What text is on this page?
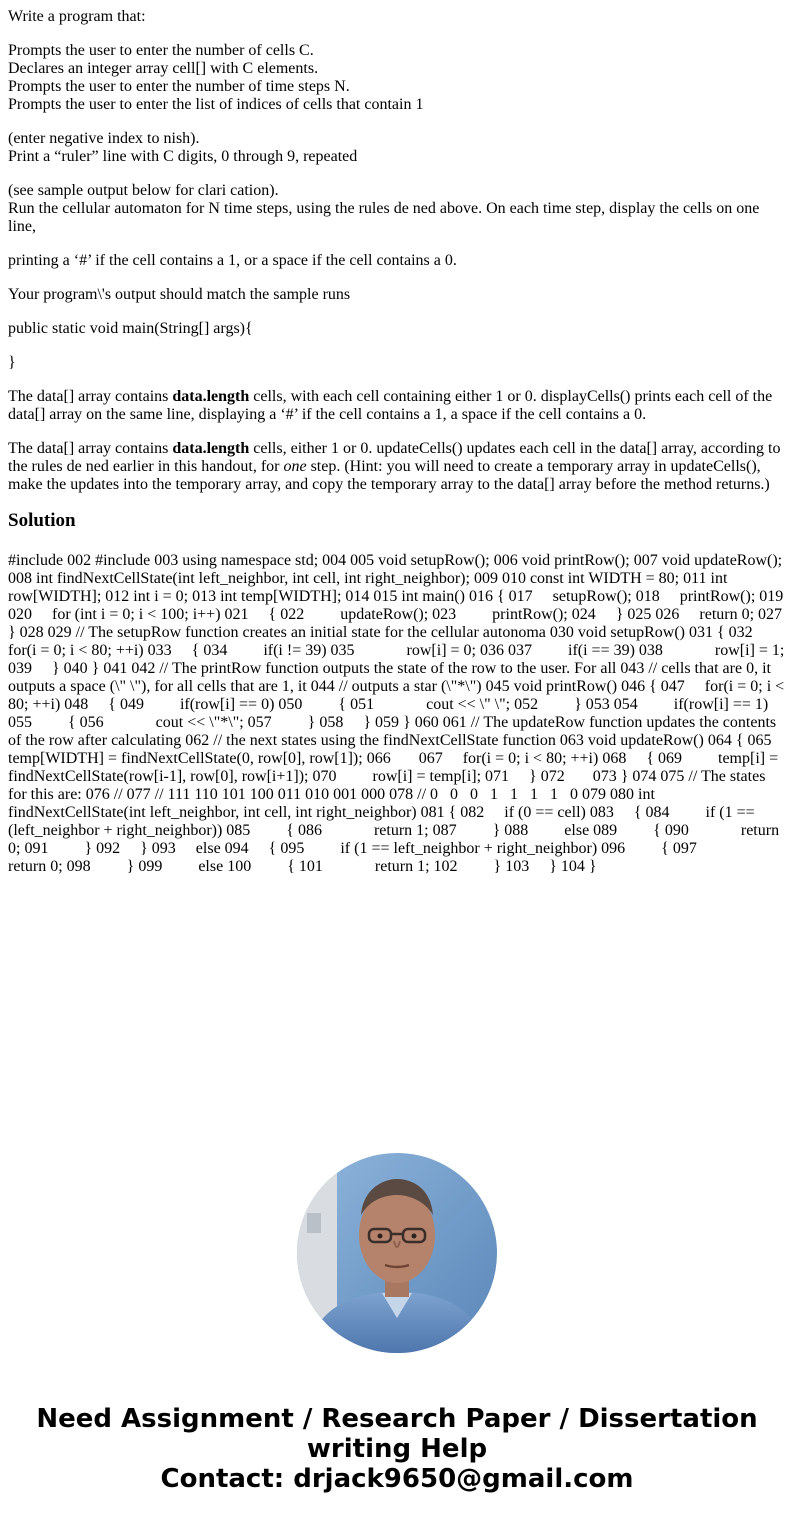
Write a program that:

Prompts the user to enter the number of cells C.
Declares an integer array cell[] with C elements.
Prompts the user to enter the number of time steps N.
Prompts the user to enter the list of indices of cells that contain 1

(enter negative index to nish).
Print a “ruler” line with C digits, 0 through 9, repeated

(see sample output below for clari cation).
Run the cellular automaton for N time steps, using the rules de ned above. On each time step, display the cells on one line,

printing a ‘#’ if the cell contains a 1, or a space if the cell contains a 0.

Your program\'s output should match the sample runs

public static void main(String[] args){

}

The data[] array contains data.length cells, with each cell containing either 1 or 0. displayCells() prints each cell of the data[] array on the same line, displaying a ‘#’ if the cell contains a 1, a space if the cell contains a 0.

The data[] array contains data.length cells, either 1 or 0. updateCells() updates each cell in the data[] array, according to the rules de ned earlier in this handout, for one step. (Hint: you will need to create a temporary array in updateCells(), make the updates into the temporary array, and copy the temporary array to the data[] array before the method returns.)

Solution

#include 002 #include 003 using namespace std; 004 005 void setupRow(); 006 void printRow(); 007 void updateRow(); 008 int findNextCellState(int left_neighbor, int cell, int right_neighbor); 009 010 const int WIDTH = 80; 011 int row[WIDTH]; 012 int i = 0; 013 int temp[WIDTH]; 014 015 int main() 016 { 017     setupRow(); 018     printRow(); 019 020     for (int i = 0; i < 100; i++) 021     { 022         updateRow(); 023         printRow(); 024     } 025 026     return 0; 027 } 028 029 // The setupRow function creates an initial state for the cellular autonoma 030 void setupRow() 031 { 032     for(i = 0; i < 80; ++i) 033     { 034         if(i != 39) 035             row[i] = 0; 036 037         if(i == 39) 038             row[i] = 1; 039     } 040 } 041 042 // The printRow function outputs the state of the row to the user. For all 043 // cells that are 0, it outputs a space (\" \"), for all cells that are 1, it 044 // outputs a star (\"*\") 045 void printRow() 046 { 047     for(i = 0; i < 80; ++i) 048     { 049         if(row[i] == 0) 050         { 051             cout << \" \"; 052         } 053 054         if(row[i] == 1) 055         { 056             cout << \"*\"; 057         } 058     } 059 } 060 061 // The updateRow function updates the contents of the row after calculating 062 // the next states using the findNextCellState function 063 void updateRow() 064 { 065     temp[WIDTH] = findNextCellState(0, row[0], row[1]); 066       067     for(i = 0; i < 80; ++i) 068     { 069         temp[i] = findNextCellState(row[i-1], row[0], row[i+1]); 070         row[i] = temp[i]; 071     } 072       073 } 074 075 // The states for this are: 076 // 077 // 111 110 101 100 011 010 001 000 078 // 0   0   0   1   1   1   1   0 079 080 int findNextCellState(int left_neighbor, int cell, int right_neighbor) 081 { 082     if (0 == cell) 083     { 084         if (1 == (left_neighbor + right_neighbor)) 085         { 086             return 1; 087         } 088         else 089         { 090             return 0; 091         } 092     } 093     else 094     { 095         if (1 == left_neighbor + right_neighbor) 096         { 097             return 0; 098         } 099         else 100         { 101             return 1; 102         } 103     } 104 }

Need Assignment / Research Paper / Dissertation
writing Help
Contact: drjack9650@gmail.com
